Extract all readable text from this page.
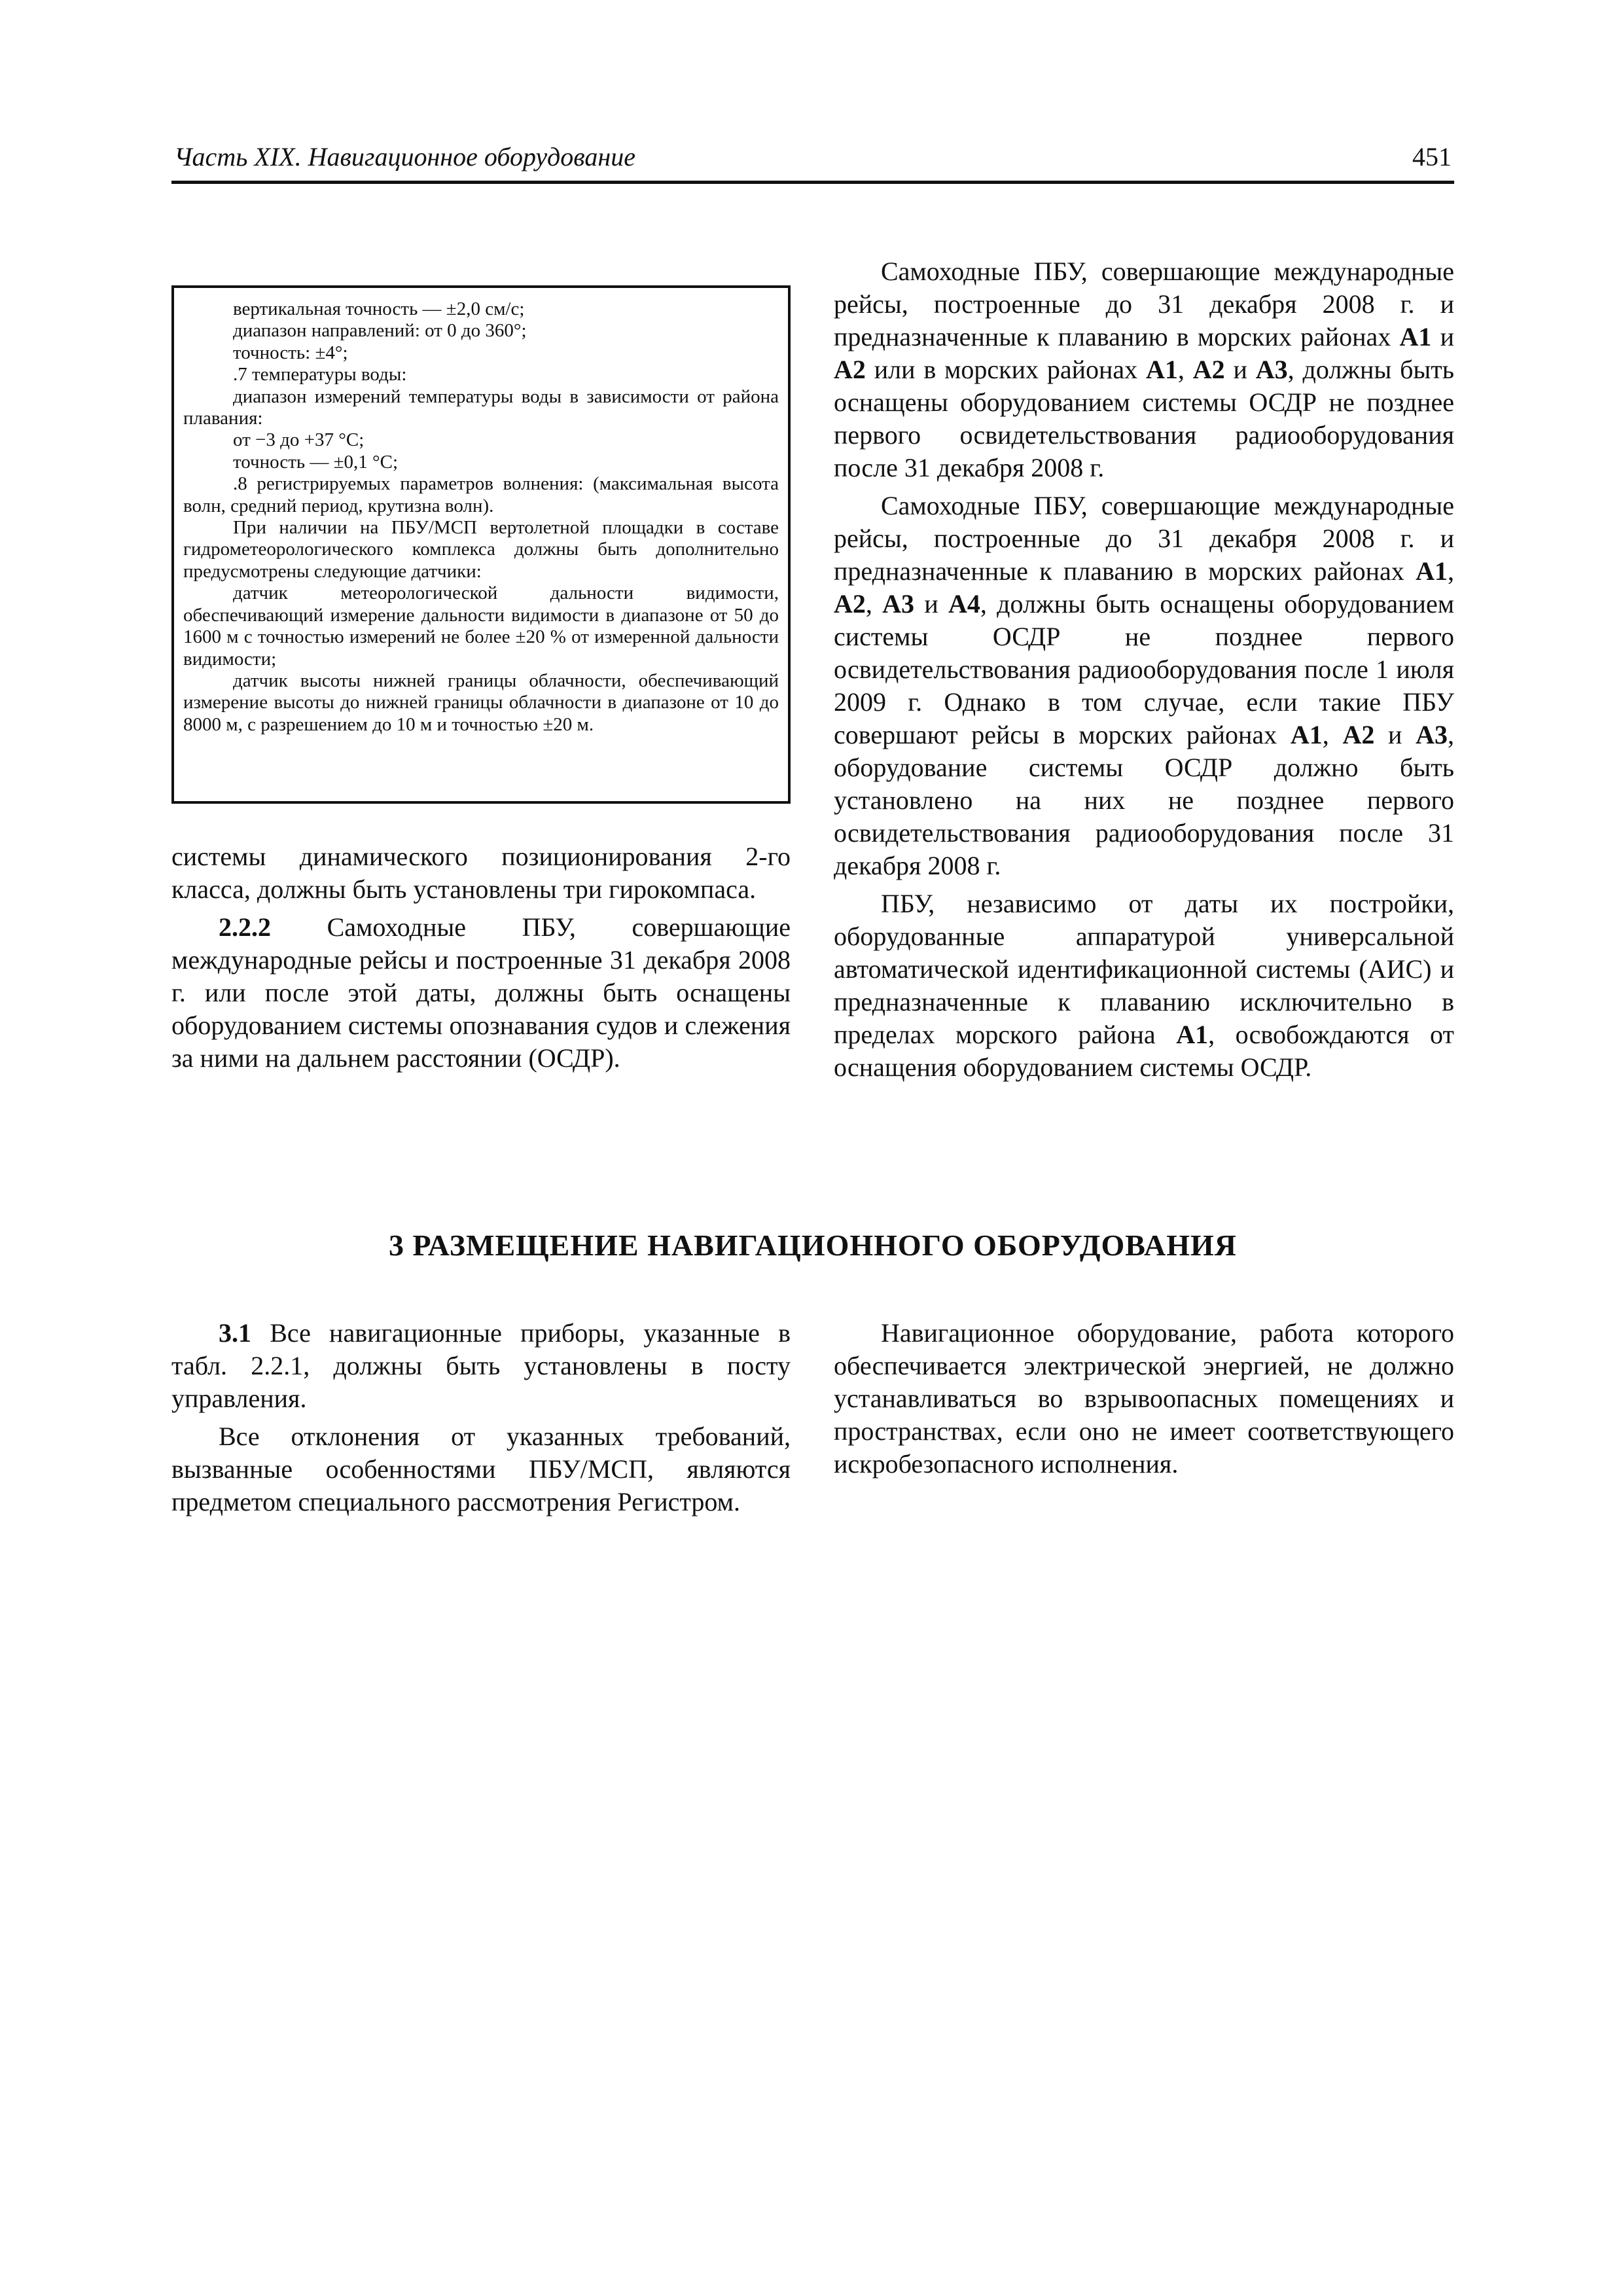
Часть XIX. Навигационное оборудование	451

вертикальная точность — ±2,0 см/с;

диапазон направлений: от 0 до 360°;

точность: ±4°;

.7 температуры воды:

диапазон измерений температуры воды в зависимости от района плавания:

от −3 до +37 °C;

точность — ±0,1 °C;

.8 регистрируемых параметров волнения: (максимальная высота волн, средний период, крутизна волн).

При наличии на ПБУ/МСП вертолетной площадки в составе гидрометеорологического комплекса должны быть дополнительно предусмотрены следующие датчики:

датчик метеорологической дальности видимости, обеспечивающий измерение дальности видимости в диапазоне от 50 до 1600 м с точностью измерений не более ±20 % от измеренной дальности видимости;

датчик высоты нижней границы облачности, обеспечивающий измерение высоты до нижней границы облачности в диапазоне от 10 до 8000 м, с разрешением до 10 м и точностью ±20 м.

системы динамического позиционирования 2-го класса, должны быть установлены три гирокомпаса.

2.2.2 Самоходные ПБУ, совершающие международные рейсы и построенные 31 декабря 2008 г. или после этой даты, должны быть оснащены оборудованием системы опознавания судов и слежения за ними на дальнем расстоянии (ОСДР).

Самоходные ПБУ, совершающие международные рейсы, построенные до 31 декабря 2008 г. и предназначенные к плаванию в морских районах A1 и A2 или в морских районах A1, A2 и A3, должны быть оснащены оборудованием системы ОСДР не позднее первого освидетельствования радиооборудования после 31 декабря 2008 г.

Самоходные ПБУ, совершающие международные рейсы, построенные до 31 декабря 2008 г. и предназначенные к плаванию в морских районах A1, A2, A3 и A4, должны быть оснащены оборудованием системы ОСДР не позднее первого освидетельствования радиооборудования после 1 июля 2009 г. Однако в том случае, если такие ПБУ совершают рейсы в морских районах A1, A2 и A3, оборудование системы ОСДР должно быть установлено на них не позднее первого освидетельствования радиооборудования после 31 декабря 2008 г.

ПБУ, независимо от даты их постройки, оборудованные аппаратурой универсальной автоматической идентификационной системы (АИС) и предназначенные к плаванию исключительно в пределах морского района A1, освобождаются от оснащения оборудованием системы ОСДР.

3 РАЗМЕЩЕНИЕ НАВИГАЦИОННОГО ОБОРУДОВАНИЯ

3.1 Все навигационные приборы, указанные в табл. 2.2.1, должны быть установлены в посту управления.

Все отклонения от указанных требований, вызванные особенностями ПБУ/МСП, являются предметом специального рассмотрения Регистром.

Навигационное оборудование, работа которого обеспечивается электрической энергией, не должно устанавливаться во взрывоопасных помещениях и пространствах, если оно не имеет соответствующего искробезопасного исполнения.
